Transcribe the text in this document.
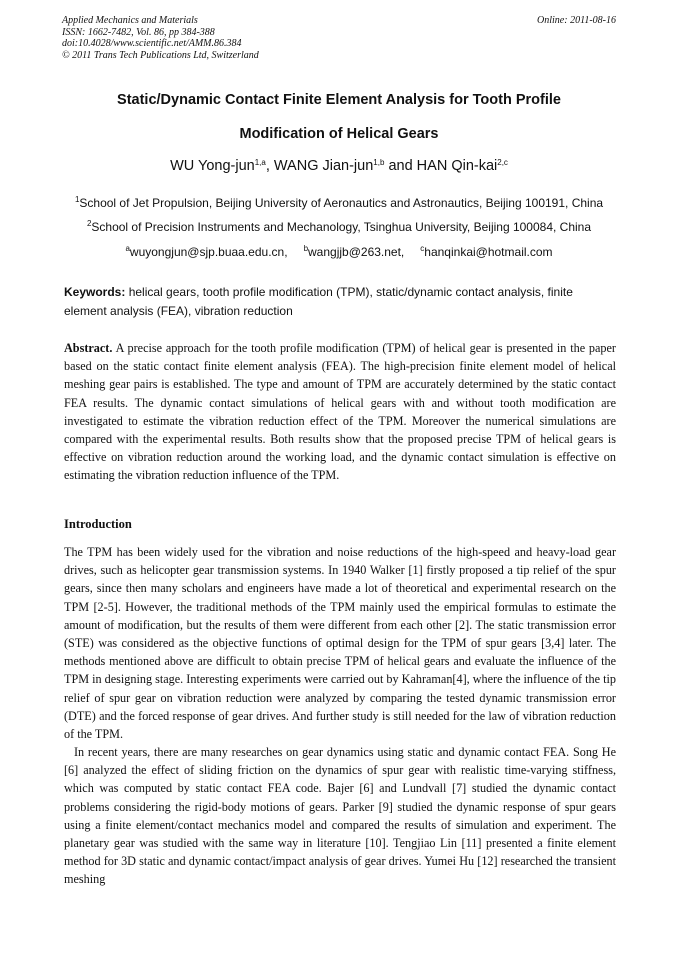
Applied Mechanics and Materials
ISSN: 1662-7482, Vol. 86, pp 384-388
doi:10.4028/www.scientific.net/AMM.86.384
© 2011 Trans Tech Publications Ltd, Switzerland
Online: 2011-08-16
Static/Dynamic Contact Finite Element Analysis for Tooth Profile
Modification of Helical Gears
WU Yong-jun$^{1,a}$, WANG Jian-jun$^{1,b}$ and HAN Qin-kai$^{2,c}$
$^1$School of Jet Propulsion, Beijing University of Aeronautics and Astronautics, Beijing 100191, China
$^2$School of Precision Instruments and Mechanology, Tsinghua University, Beijing 100084, China
$^a$wuyongjun@sjp.buaa.edu.cn, $^b$wangjjb@263.net, $^c$hanqinkai@hotmail.com
Keywords: helical gears, tooth profile modification (TPM), static/dynamic contact analysis, finite element analysis (FEA), vibration reduction
Abstract. A precise approach for the tooth profile modification (TPM) of helical gear is presented in the paper based on the static contact finite element analysis (FEA). The high-precision finite element model of helical meshing gear pairs is established. The type and amount of TPM are accurately determined by the static contact FEA results. The dynamic contact simulations of helical gears with and without tooth modification are investigated to estimate the vibration reduction effect of the TPM. Moreover the numerical simulations are compared with the experimental results. Both results show that the proposed precise TPM of helical gears is effective on vibration reduction around the working load, and the dynamic contact simulation is effective on estimating the vibration reduction influence of the TPM.
Introduction
The TPM has been widely used for the vibration and noise reductions of the high-speed and heavy-load gear drives, such as helicopter gear transmission systems. In 1940 Walker [1] firstly proposed a tip relief of the spur gears, since then many scholars and engineers have made a lot of theoretical and experimental research on the TPM [2-5]. However, the traditional methods of the TPM mainly used the empirical formulas to estimate the amount of modification, but the results of them were different from each other [2]. The static transmission error (STE) was considered as the objective functions of optimal design for the TPM of spur gears [3,4] later. The methods mentioned above are difficult to obtain precise TPM of helical gears and evaluate the influence of the TPM in designing stage. Interesting experiments were carried out by Kahraman[4], where the influence of the tip relief of spur gear on vibration reduction were analyzed by comparing the tested dynamic transmission error (DTE) and the forced response of gear drives. And further study is still needed for the law of vibration reduction of the TPM.
In recent years, there are many researches on gear dynamics using static and dynamic contact FEA. Song He [6] analyzed the effect of sliding friction on the dynamics of spur gear with realistic time-varying stiffness, which was computed by static contact FEA code. Bajer [6] and Lundvall [7] studied the dynamic contact problems considering the rigid-body motions of gears. Parker [9] studied the dynamic response of spur gears using a finite element/contact mechanics model and compared the results of simulation and experiment. The planetary gear was studied with the same way in literature [10]. Tengjiao Lin [11] presented a finite element method for 3D static and dynamic contact/impact analysis of gear drives. Yumei Hu [12] researched the transient meshing
